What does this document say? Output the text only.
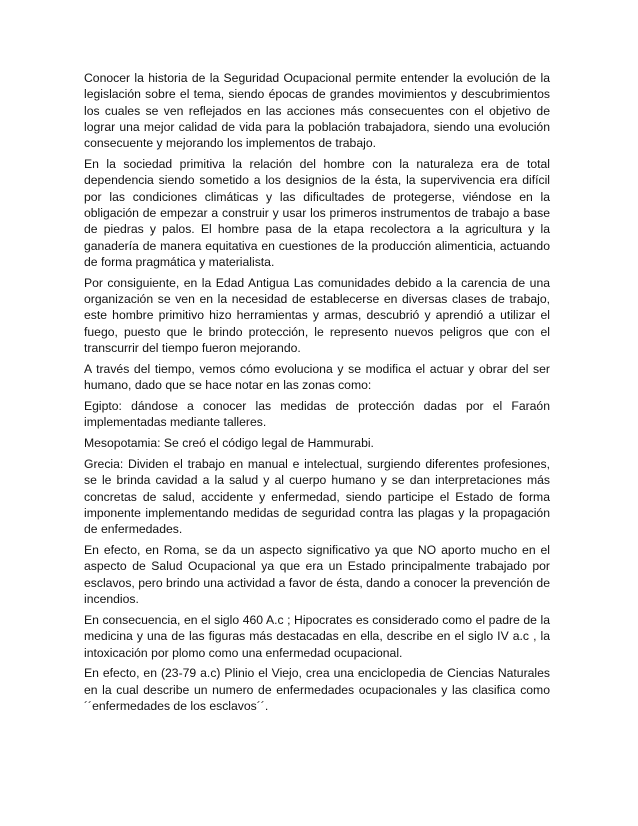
Conocer la historia de la Seguridad Ocupacional permite entender la evolución de la legislación sobre el tema, siendo épocas de grandes movimientos y descubrimientos los cuales se ven reflejados en las acciones más consecuentes con el objetivo de lograr una mejor calidad de vida para la población trabajadora, siendo una evolución consecuente y mejorando los implementos de trabajo.

En la sociedad primitiva la relación del hombre con la naturaleza era de total dependencia siendo sometido a los designios de la ésta, la supervivencia era difícil por las condiciones climáticas y las dificultades de protegerse, viéndose en la obligación de empezar a construir y usar los primeros instrumentos de trabajo a base de piedras y palos. El hombre pasa de la etapa recolectora a la agricultura y la ganadería de manera equitativa en cuestiones de la producción alimenticia, actuando de forma pragmática y materialista.

Por consiguiente, en la Edad Antigua Las comunidades debido a la carencia de una organización se ven en la necesidad de establecerse en diversas clases de trabajo, este hombre primitivo hizo herramientas y armas, descubrió y aprendió a utilizar el fuego, puesto que le brindo protección, le represento nuevos peligros que con el transcurrir del tiempo fueron mejorando.

A través del tiempo, vemos cómo evoluciona y se modifica el actuar y obrar del ser humano, dado que se hace notar en las zonas como:

Egipto: dándose a conocer las medidas de protección dadas por el Faraón implementadas mediante talleres.

Mesopotamia: Se creó el código legal de Hammurabi.

Grecia: Dividen el trabajo en manual e intelectual, surgiendo diferentes profesiones, se le brinda cavidad a la salud y al cuerpo humano y se dan interpretaciones más concretas de salud, accidente y enfermedad, siendo participe el Estado de forma imponente implementando medidas de seguridad contra las plagas y la propagación de enfermedades.

En efecto, en Roma, se da un aspecto significativo ya que NO aporto mucho en el aspecto de Salud Ocupacional ya que era un Estado principalmente trabajado por esclavos, pero brindo una actividad a favor de ésta, dando a conocer la prevención de incendios.

En consecuencia, en el siglo 460 A.c ; Hipocrates es considerado como el padre de la medicina y una de las figuras más destacadas en ella, describe en el siglo IV a.c , la intoxicación por plomo como una enfermedad ocupacional.

En efecto, en (23-79 a.c) Plinio el Viejo, crea una enciclopedia de Ciencias Naturales en la cual describe un numero de enfermedades ocupacionales y las clasifica como ´´enfermedades de los esclavos´´.
